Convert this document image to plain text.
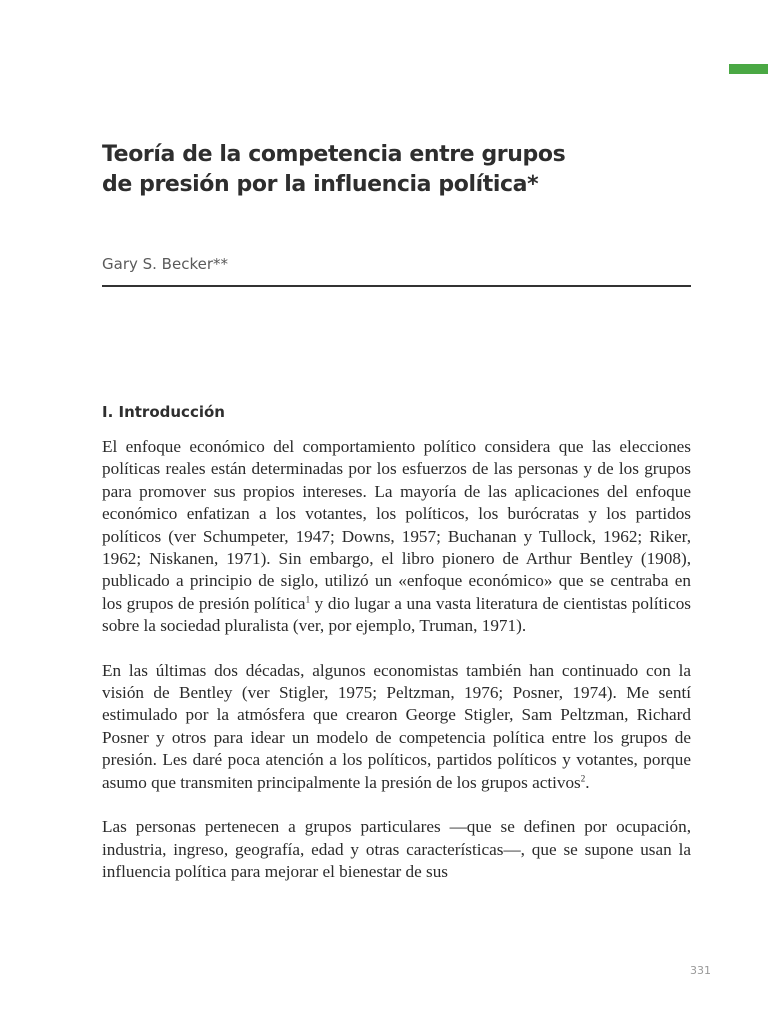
Teoría de la competencia entre grupos
de presión por la influencia política*
Gary S. Becker**
I. Introducción

El enfoque económico del comportamiento político considera que las elecciones políticas reales están determinadas por los esfuerzos de las personas y de los grupos para promover sus propios intereses. La mayoría de las aplicaciones del enfoque económico enfatizan a los votantes, los políticos, los burócratas y los partidos políticos (ver Schumpeter, 1947; Downs, 1957; Buchanan y Tullock, 1962; Riker, 1962; Niskanen, 1971). Sin embargo, el libro pionero de Arthur Bentley (1908), publicado a principio de siglo, utilizó un «enfoque económico» que se centraba en los grupos de presión política$^1$ y dio lugar a una vasta literatura de cientistas políticos sobre la sociedad pluralista (ver, por ejemplo, Truman, 1971).

En las últimas dos décadas, algunos economistas también han continuado con la visión de Bentley (ver Stigler, 1975; Peltzman, 1976; Posner, 1974). Me sentí estimulado por la atmósfera que crearon George Stigler, Sam Peltzman, Richard Posner y otros para idear un modelo de competencia política entre los grupos de presión. Les daré poca atención a los políticos, partidos políticos y votantes, porque asumo que transmiten principalmente la presión de los grupos activos$^2$.

Las personas pertenecen a grupos particulares —que se definen por ocupación, industria, ingreso, geografía, edad y otras características—, que se supone usan la influencia política para mejorar el bienestar de sus

331
